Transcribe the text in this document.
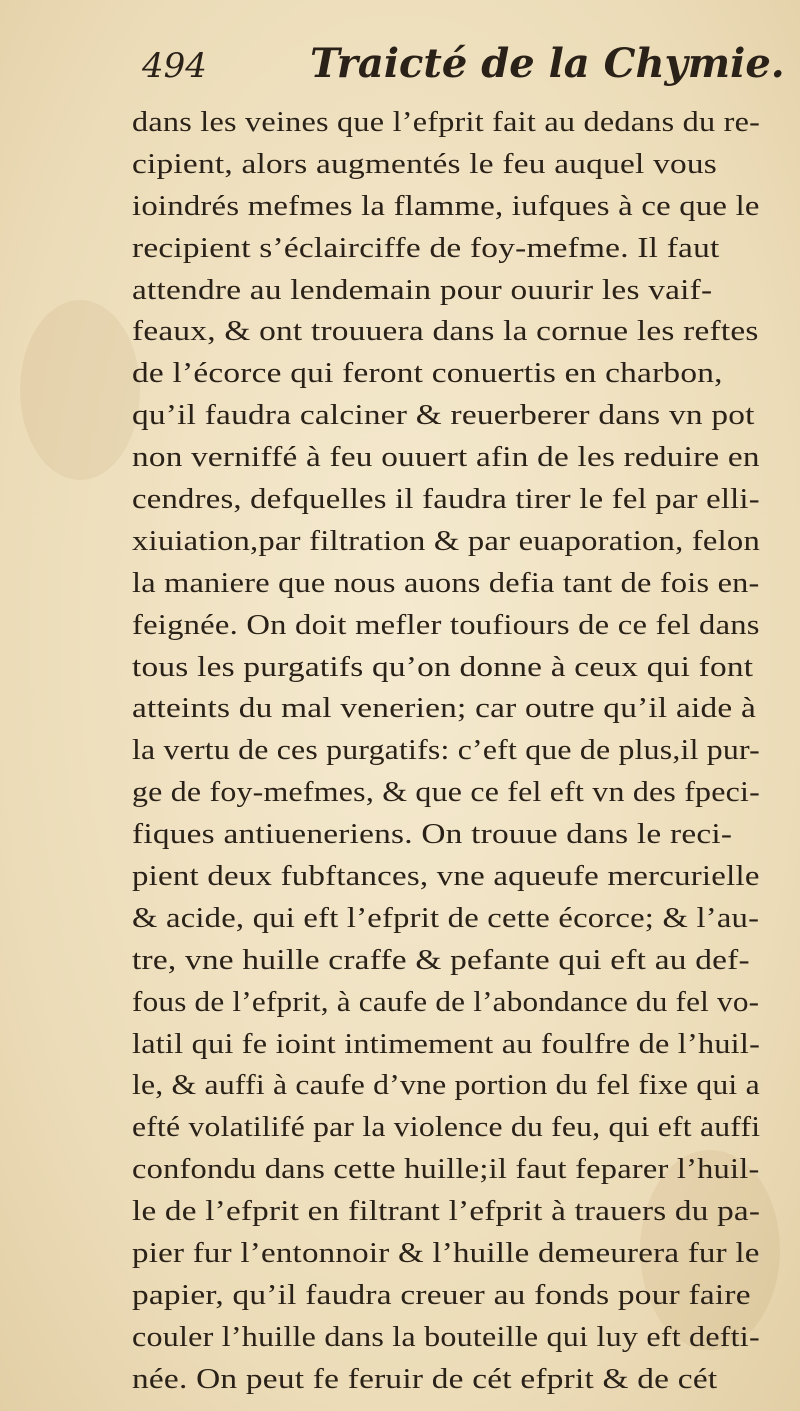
494	Traicté de la Chymie.
dans les veines que l’efprit fait au dedans du re-
cipient, alors augmentés le feu auquel vous
ioindrés mefmes la flamme, iufques à ce que le
recipient s’éclairciffe de foy-mefme. Il faut
attendre au lendemain pour ouurir les vaif-
feaux, & ont trouuera dans la cornue les reftes
de l’écorce qui feront conuertis en charbon,
qu’il faudra calciner & reuerberer dans vn pot
non verniffé à feu ouuert afin de les reduire en
cendres, defquelles il faudra tirer le fel par elli-
xiuiation,par filtration & par euaporation, felon
la maniere que nous auons defia tant de fois en-
feignée. On doit mefler toufiours de ce fel dans
tous les purgatifs qu’on donne à ceux qui font
atteints du mal venerien; car outre qu’il aide à
la vertu de ces purgatifs: c’eft que de plus,il pur-
ge de foy-mefmes, & que ce fel eft vn des fpeci-
fiques antiueneriens. On trouue dans le reci-
pient deux fubftances, vne aqueufe mercurielle
& acide, qui eft l’efprit de cette écorce; & l’au-
tre, vne huille craffe & pefante qui eft au def-
fous de l’efprit, à caufe de l’abondance du fel vo-
latil qui fe ioint intimement au foulfre de l’huil-
le, & auffi à caufe d’vne portion du fel fixe qui a
efté volatilifé par la violence du feu, qui eft auffi
confondu dans cette huille;il faut feparer l’huil-
le de l’efprit en filtrant l’efprit à trauers du pa-
pier fur l’entonnoir & l’huille demeurera fur le
papier, qu’il faudra creuer au fonds pour faire
couler l’huille dans la bouteille qui luy eft defti-
née. On peut fe feruir de cét efprit & de cét
